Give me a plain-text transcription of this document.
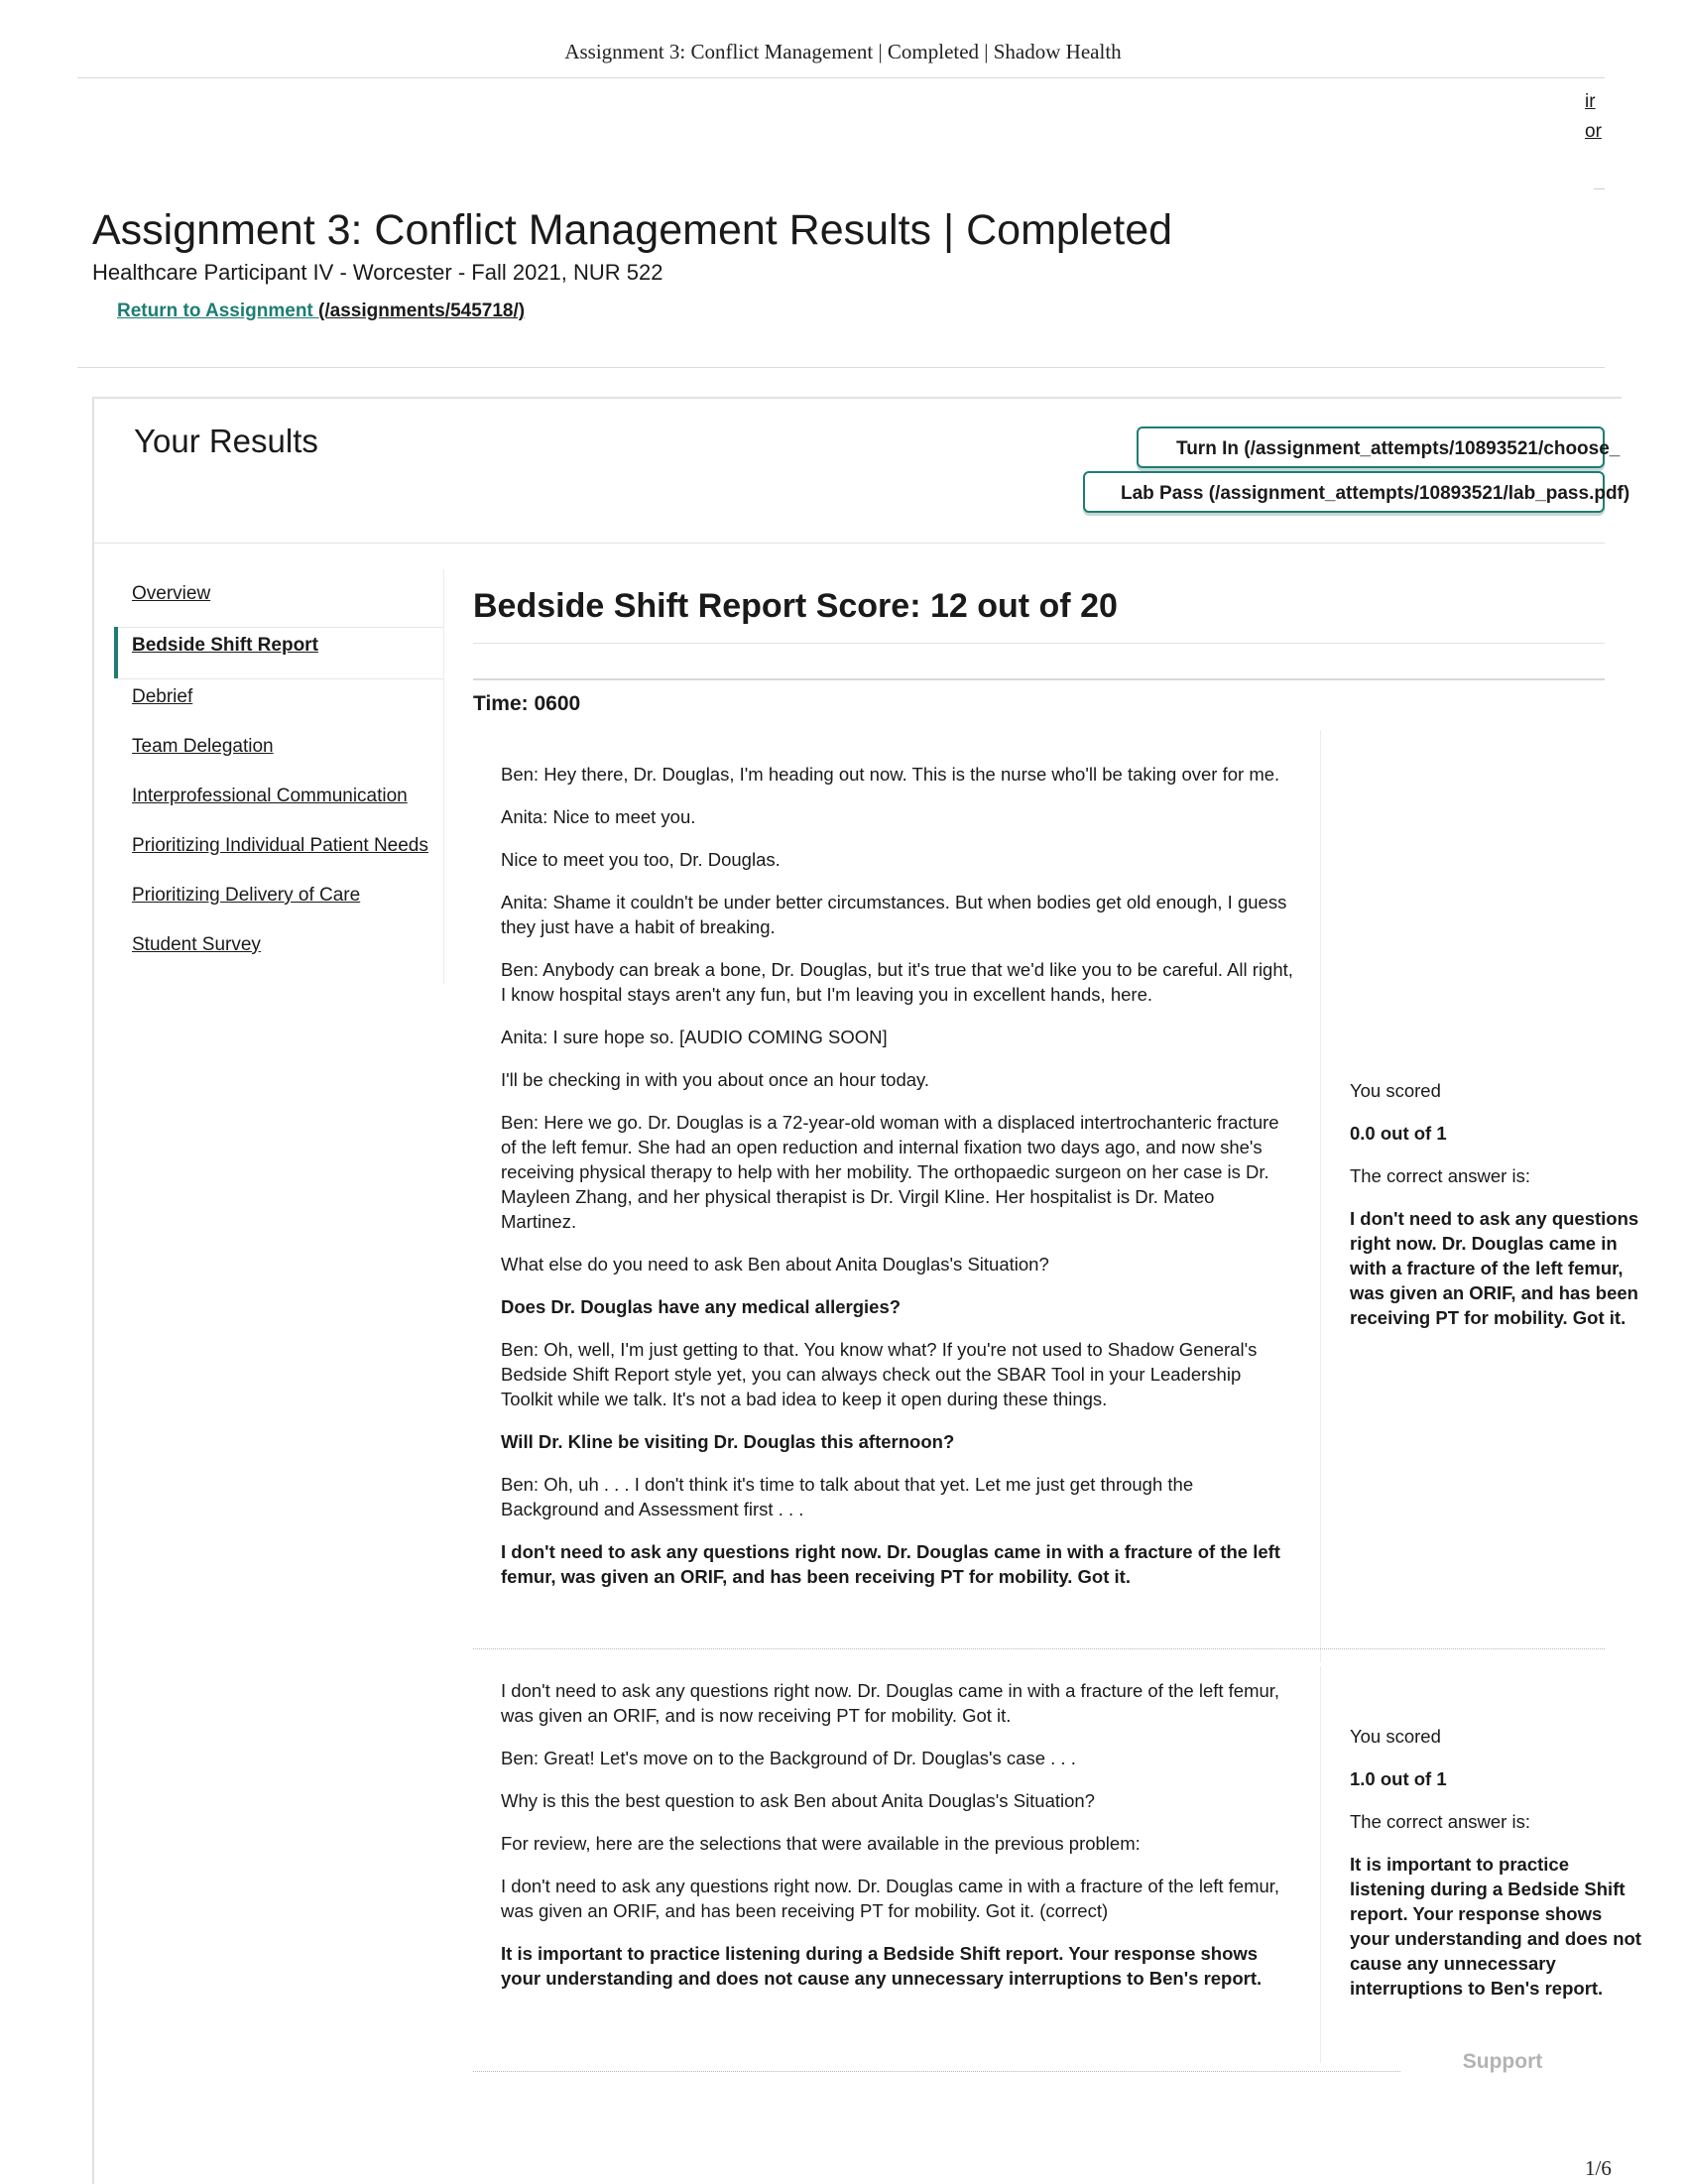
Assignment 3: Conflict Management | Completed | Shadow Health
ir
or
Assignment 3: Conflict Management Results | Completed
Healthcare Participant IV - Worcester - Fall 2021, NUR 522
Return to Assignment (/assignments/545718/)
Your Results	Turn In (/assignment_attempts/10893521/choose_
Lab Pass (/assignment_attempts/10893521/lab_pass.pdf)
Overview
Bedside Shift Report
Debrief
Team Delegation
Interprofessional Communication
Prioritizing Individual Patient Needs
Prioritizing Delivery of Care
Student Survey
Bedside Shift Report Score: 12 out of 20
Time: 0600

Ben: Hey there, Dr. Douglas, I'm heading out now. This is the nurse who'll be taking over for me.

Anita: Nice to meet you.

Nice to meet you too, Dr. Douglas.

Anita: Shame it couldn't be under better circumstances. But when bodies get old enough, I guess they just have a habit of breaking.

Ben: Anybody can break a bone, Dr. Douglas, but it's true that we'd like you to be careful. All right, I know hospital stays aren't any fun, but I'm leaving you in excellent hands, here.

Anita: I sure hope so. [AUDIO COMING SOON]

I'll be checking in with you about once an hour today.

Ben: Here we go. Dr. Douglas is a 72-year-old woman with a displaced intertrochanteric fracture of the left femur. She had an open reduction and internal fixation two days ago, and now she's receiving physical therapy to help with her mobility. The orthopaedic surgeon on her case is Dr. Mayleen Zhang, and her physical therapist is Dr. Virgil Kline. Her hospitalist is Dr. Mateo Martinez.

What else do you need to ask Ben about Anita Douglas's Situation?

Does Dr. Douglas have any medical allergies?

Ben: Oh, well, I'm just getting to that. You know what? If you're not used to Shadow General's Bedside Shift Report style yet, you can always check out the SBAR Tool in your Leadership Toolkit while we talk. It's not a bad idea to keep it open during these things.

Will Dr. Kline be visiting Dr. Douglas this afternoon?

Ben: Oh, uh . . . I don't think it's time to talk about that yet. Let me just get through the Background and Assessment first . . .

I don't need to ask any questions right now. Dr. Douglas came in with a fracture of the left femur, was given an ORIF, and has been receiving PT for mobility. Got it.

You scored

0.0 out of 1

The correct answer is:

I don't need to ask any questions

right now. Dr. Douglas came in

with a fracture of the left femur,

was given an ORIF, and has been

receiving PT for mobility. Got it.

I don't need to ask any questions right now. Dr. Douglas came in with a fracture of the left femur, was given an ORIF, and is now receiving PT for mobility. Got it.

Ben: Great! Let's move on to the Background of Dr. Douglas's case . . .

Why is this the best question to ask Ben about Anita Douglas's Situation?

For review, here are the selections that were available in the previous problem:

I don't need to ask any questions right now. Dr. Douglas came in with a fracture of the left femur, was given an ORIF, and has been receiving PT for mobility. Got it. (correct)

It is important to practice listening during a Bedside Shift report. Your response shows your understanding and does not cause any unnecessary interruptions to Ben's report.

You scored

1.0 out of 1

The correct answer is:

It is important to practice

listening during a Bedside Shift

report. Your response shows

your understanding and does not

cause any unnecessary

interruptions to Ben's report.

Support
1/6
